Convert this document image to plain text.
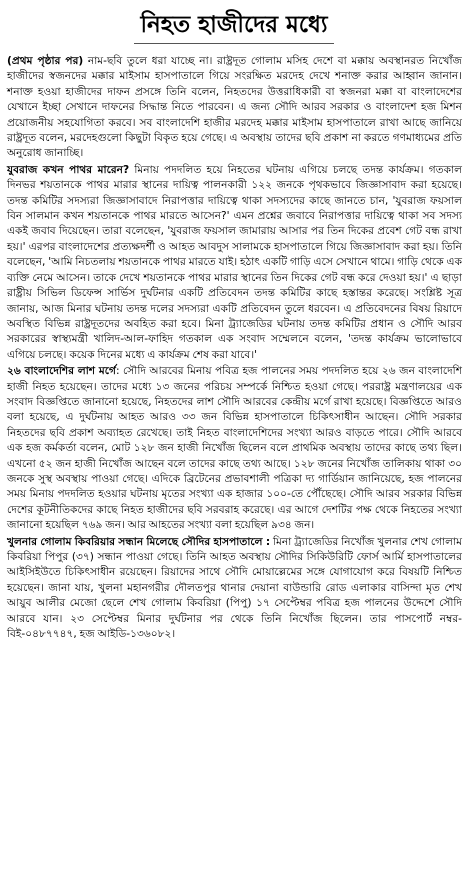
নিহত হাজীদের মধ্যে

(প্রথম পৃষ্ঠার পর) নাম-ছবি তুলে ধরা যাচ্ছে না। রাষ্ট্রদূত গোলাম মসিহ দেশে বা মক্কায় অবস্থানরত নিখোঁজ হাজীদের স্বজনদের মক্কার মাইসাম হাসপাতালে গিয়ে সংরক্ষিত মরদেহ দেখে শনাক্ত করার আহ্বান জানান। শনাক্ত হওয়া হাজীদের দাফন প্রসঙ্গে তিনি বলেন, নিহতদের উত্তরাধিকারী বা স্বজনরা মক্কা বা বাংলাদেশের যেখানে ইচ্ছা সেখানে দাফনের সিদ্ধান্ত নিতে পারবেন। এ জন্য সৌদি আরব সরকার ও বাংলাদেশ হজ মিশন প্রয়োজনীয় সহযোগিতা করবে। সব বাংলাদেশি হাজীর মরদেহ মক্কার মাইসাম হাসপাতালে রাখা আছে জানিয়ে রাষ্ট্রদূত বলেন, মরদেহগুলো কিছুটা বিকৃত হয়ে গেছে। এ অবস্থায় তাদের ছবি প্রকাশ না করতে গণমাধ্যমের প্রতি অনুরোধ জানাচ্ছি।

যুবরাজ কখন পাথর মারেন? মিনায় পদদলিত হয়ে নিহতের ঘটনায় এগিয়ে চলছে তদন্ত কার্যক্রম। গতকাল দিনভর শয়তানকে পাথর মারার স্থানের দায়িত্ব পালনকারী ১২২ জনকে পৃথকভাবে জিজ্ঞাসাবাদ করা হয়েছে। তদন্ত কমিটির সদস্যরা জিজ্ঞাসাবাদে নিরাপত্তার দায়িত্বে থাকা সদস্যদের কাছে জানতে চান, 'যুবরাজ ফয়সাল বিন সালমান কখন শয়তানকে পাথর মারতে আসেন?' এমন প্রশ্নের জবাবে নিরাপত্তার দায়িত্বে থাকা সব সদস্য একই জবাব দিয়েছেন। তারা বলেছেন, 'যুবরাজ ফয়সাল জামারায় আসার পর তিন দিকের প্রবেশ গেট বন্ধ রাখা হয়।' এরপর বাংলাদেশের প্রত্যক্ষদর্শী ও আহত আবদুস সালামকে হাসপাতালে গিয়ে জিজ্ঞাসাবাদ করা হয়। তিনি বলেছেন, 'আমি নিচতলায় শয়তানকে পাথর মারতে যাই। হঠাৎ একটি গাড়ি এসে সেখানে থামে। গাড়ি থেকে এক ব্যক্তি নেমে আসেন। তাকে দেখে শয়তানকে পাথর মারার স্থানের তিন দিকের গেট বন্ধ করে দেওয়া হয়।' এ ছাড়া রাষ্ট্রীয় সিভিল ডিফেন্স সার্ভিস দুর্ঘটনার একটি প্রতিবেদন তদন্ত কমিটির কাছে হস্তান্তর করেছে। সংশ্লিষ্ট সূত্র জানায়, আজ মিনার ঘটনায় তদন্ত দলের সদস্যরা একটি প্রতিবেদন তুলে ধরবেন। এ প্রতিবেদনের বিষয় রিয়াদে অবস্থিত বিভিন্ন রাষ্ট্রদূতদের অবহিত করা হবে। মিনা ট্র্যাজেডির ঘটনায় তদন্ত কমিটির প্রধান ও সৌদি আরব সরকারের স্বাস্থ্যমন্ত্রী খালিদ-আল-ফাহিদ গতকাল এক সংবাদ সম্মেলনে বলেন, 'তদন্ত কার্যক্রম ভালোভাবে এগিয়ে চলছে। কয়েক দিনের মধ্যে এ কার্যক্রম শেষ করা যাবে।'

২৬ বাংলাদেশির লাশ মর্গে: সৌদি আরবের মিনায় পবিত্র হজ পালনের সময় পদদলিত হয়ে ২৬ জন বাংলাদেশি হাজী নিহত হয়েছেন। তাদের মধ্যে ১৩ জনের পরিচয় সম্পর্কে নিশ্চিত হওয়া গেছে। পররাষ্ট্র মন্ত্রণালয়ের এক সংবাদ বিজ্ঞপ্তিতে জানানো হয়েছে, নিহতদের লাশ সৌদি আরবের কেন্দ্রীয় মর্গে রাখা হয়েছে। বিজ্ঞপ্তিতে আরও বলা হয়েছে, এ দুর্ঘটনায় আহত আরও ৩৩ জন বিভিন্ন হাসপাতালে চিকিৎসাধীন আছেন। সৌদি সরকার নিহতদের ছবি প্রকাশ অব্যাহত রেখেছে। তাই নিহত বাংলাদেশিদের সংখ্যা আরও বাড়তে পারে। সৌদি আরবে এক হজ কর্মকর্তা বলেন, মোট ১২৮ জন হাজী নিখোঁজ ছিলেন বলে প্রাথমিক অবস্থায় তাদের কাছে তথ্য ছিল। এখনো ৫২ জন হাজী নিখোঁজ আছেন বলে তাদের কাছে তথ্য আছে। ১২৮ জনের নিখোঁজ তালিকায় থাকা ৩০ জনকে সুস্থ অবস্থায় পাওয়া গেছে। এদিকে ব্রিটেনের প্রভাবশালী পত্রিকা দ্য গার্ডিয়ান জানিয়েছে, হজ পালনের সময় মিনায় পদদলিত হওয়ার ঘটনায় মৃতের সংখ্যা এক হাজার ১০০-তে পৌঁছেছে। সৌদি আরব সরকার বিভিন্ন দেশের কূটনীতিকদের কাছে নিহত হাজীদের ছবি সরবরাহ করেছে। এর আগে দেশটির পক্ষ থেকে নিহতের সংখ্যা জানানো হয়েছিল ৭৬৯ জন। আর আহতের সংখ্যা বলা হয়েছিল ৯৩৪ জন।

খুলনার গোলাম কিবরিয়ার সন্ধান মিলেছে সৌদির হাসপাতালে : মিনা ট্র্যাজেডির নিখোঁজ খুলনার শেখ গোলাম কিবরিয়া পিপুর (৩৭) সন্ধান পাওয়া গেছে। তিনি আহত অবস্থায় সৌদির সিকিউরিটি ফোর্স আর্মি হাসপাতালের আইসিইউতে চিকিৎসাধীন রয়েছেন। রিয়াদের সাথে সৌদি মোয়াল্লেমের সঙ্গে যোগাযোগ করে বিষয়টি নিশ্চিত হয়েছেন। জানা যায়, খুলনা মহানগরীর দৌলতপুর থানার দেয়ানা বাউন্ডারি রোড এলাকার বাসিন্দা মৃত শেখ আয়ুব আলীর মেজো ছেলে শেখ গোলাম কিবরিয়া (পিপু) ১৭ সেপ্টেম্বর পবিত্র হজ পালনের উদ্দেশে সৌদি আরবে যান। ২৩ সেপ্টেম্বর মিনার দুর্ঘটনার পর থেকে তিনি নিখোঁজ ছিলেন। তার পাসপোর্ট নম্বর- বিই-০৪৮৭৭৪৭, হজ আইডি-১৩৬০৮২।
